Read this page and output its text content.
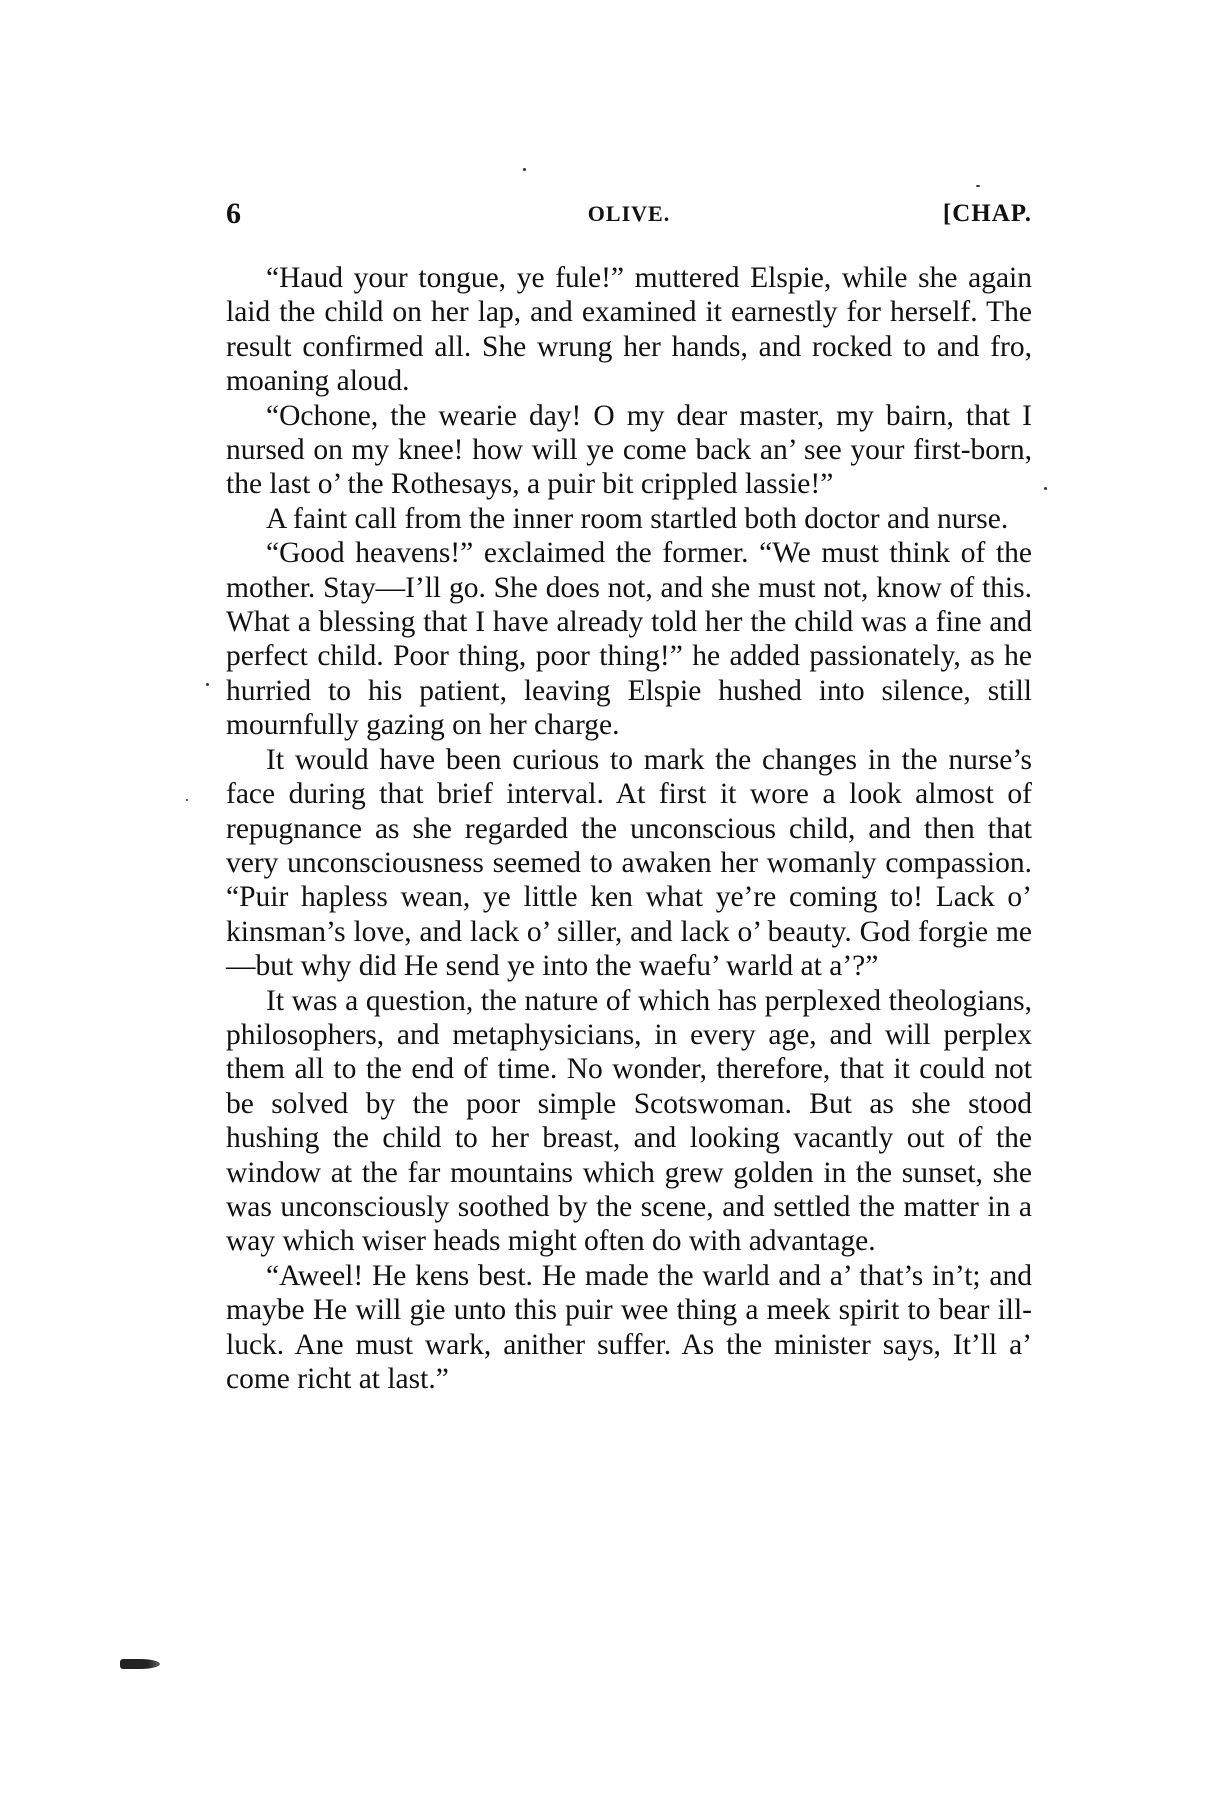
6	OLIVE.	[CHAP.

“Haud your tongue, ye fule!” muttered Elspie, while she again laid the child on her lap, and examined it earnestly for herself. The result confirmed all. She wrung her hands, and rocked to and fro, moaning aloud.

“Ochone, the wearie day! O my dear master, my bairn, that I nursed on my knee! how will ye come back an’ see your first-born, the last o’ the Rothesays, a puir bit crippled lassie!”

A faint call from the inner room startled both doctor and nurse.

“Good heavens!” exclaimed the former. “We must think of the mother. Stay—I’ll go. She does not, and she must not, know of this. What a blessing that I have already told her the child was a fine and perfect child. Poor thing, poor thing!” he added passionately, as he hurried to his patient, leaving Elspie hushed into silence, still mournfully gazing on her charge.

It would have been curious to mark the changes in the nurse’s face during that brief interval. At first it wore a look almost of repugnance as she regarded the unconscious child, and then that very unconsciousness seemed to awaken her womanly compassion. “Puir hapless wean, ye little ken what ye’re coming to! Lack o’ kinsman’s love, and lack o’ siller, and lack o’ beauty. God forgie me—but why did He send ye into the waefu’ warld at a’?”

It was a question, the nature of which has perplexed theologians, philosophers, and metaphysicians, in every age, and will perplex them all to the end of time. No wonder, therefore, that it could not be solved by the poor simple Scotswoman. But as she stood hushing the child to her breast, and looking vacantly out of the window at the far mountains which grew golden in the sunset, she was unconsciously soothed by the scene, and settled the matter in a way which wiser heads might often do with advantage.

“Aweel! He kens best. He made the warld and a’ that’s in’t; and maybe He will gie unto this puir wee thing a meek spirit to bear ill-luck. Ane must wark, anither suffer. As the minister says, It’ll a’ come richt at last.”
